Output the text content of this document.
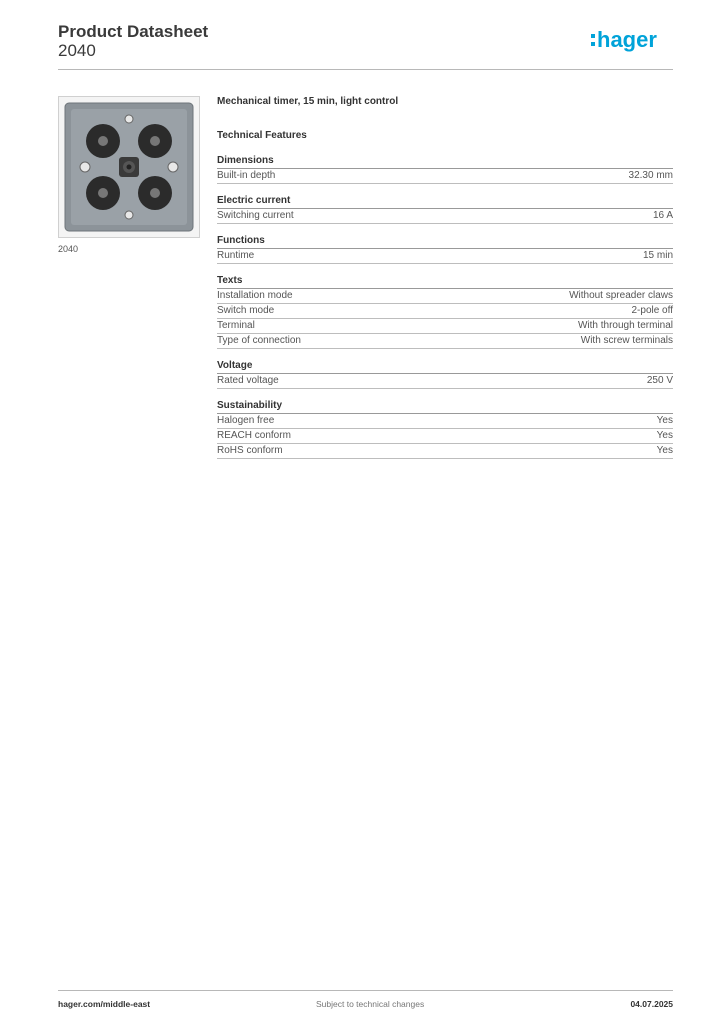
Product Datasheet
2040	hager
2040
Mechanical timer, 15 min, light control
Technical Features
Dimensions
Built-in depth	32.30 mm
Electric current
Switching current	16 A
Functions
Runtime	15 min
Texts
Installation mode	Without spreader claws
Switch mode	2-pole off
Terminal	With through terminal
Type of connection	With screw terminals
Voltage
Rated voltage	250 V
Sustainability
Halogen free	Yes
REACH conform	Yes
RoHS conform	Yes
hager.com/middle-east	Subject to technical changes	04.07.2025
